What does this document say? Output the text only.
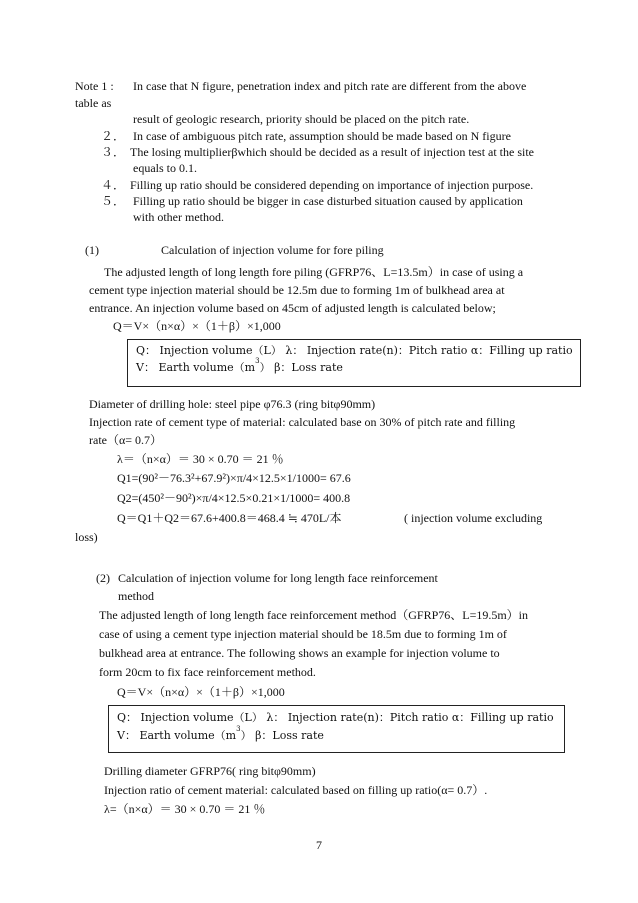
Note 1 : In case that N figure, penetration index and pitch rate are different from the above
table as
result of geologic research, priority should be placed on the pitch rate.
２． In case of ambiguous pitch rate, assumption should be made based on N figure
３． The losing multiplierβwhich should be decided as a result of injection test at the site
equals to 0.1.
４． Filling up ratio should be considered depending on importance of injection purpose.
５． Filling up ratio should be bigger in case disturbed situation caused by application
with other method.
(1)	Calculation of injection volume for fore piling
The adjusted length of long length fore piling (GFRP76、L=13.5m）in case of using a
cement type injection material should be 12.5m due to forming 1m of bulkhead area at
entrance. An injection volume based on 45cm of adjusted length is calculated below;
Q＝V×（n×α）×（1＋β）×1,000
Q： Injection volume（L） λ： Injection rate(n)：Pitch ratio α：Filling up ratio
V： Earth $volume(m^3)$ β：Loss rate
Diameter of drilling hole: steel pipe φ76.3 (ring bitφ90mm)
Injection rate of cement type of material: calculated base on 30% of pitch rate and filling
rate（α= 0.7）
λ＝（n×α）＝ 30 × 0.70 ＝ 21 ％
Q1=(90²－76.3²+67.9²)×π/4×12.5×1/1000= 67.6
Q2=(450²－90²)×π/4×12.5×0.21×1/1000= 400.8
Q＝Q1＋Q2＝67.6+400.8＝468.4 ≒ 470L/本	( injection volume excluding
loss)
(2) Calculation of injection volume for long length face reinforcement
method
The adjusted length of long length face reinforcement method（GFRP76、L=19.5m）in
case of using a cement type injection material should be 18.5m due to forming 1m of
bulkhead area at entrance. The following shows an example for injection volume to
form 20cm to fix face reinforcement method.
Q＝V×（n×α）×（1＋β）×1,000
Q： Injection volume（L） λ： Injection rate(n)：Pitch ratio α：Filling up ratio
V： Earth $volume(m^3)$ β：Loss rate
Drilling diameter GFRP76( ring bitφ90mm)
Injection ratio of cement material: calculated based on filling up ratio(α= 0.7）.
λ=（n×α）＝ 30 × 0.70 ＝ 21 ％
7
